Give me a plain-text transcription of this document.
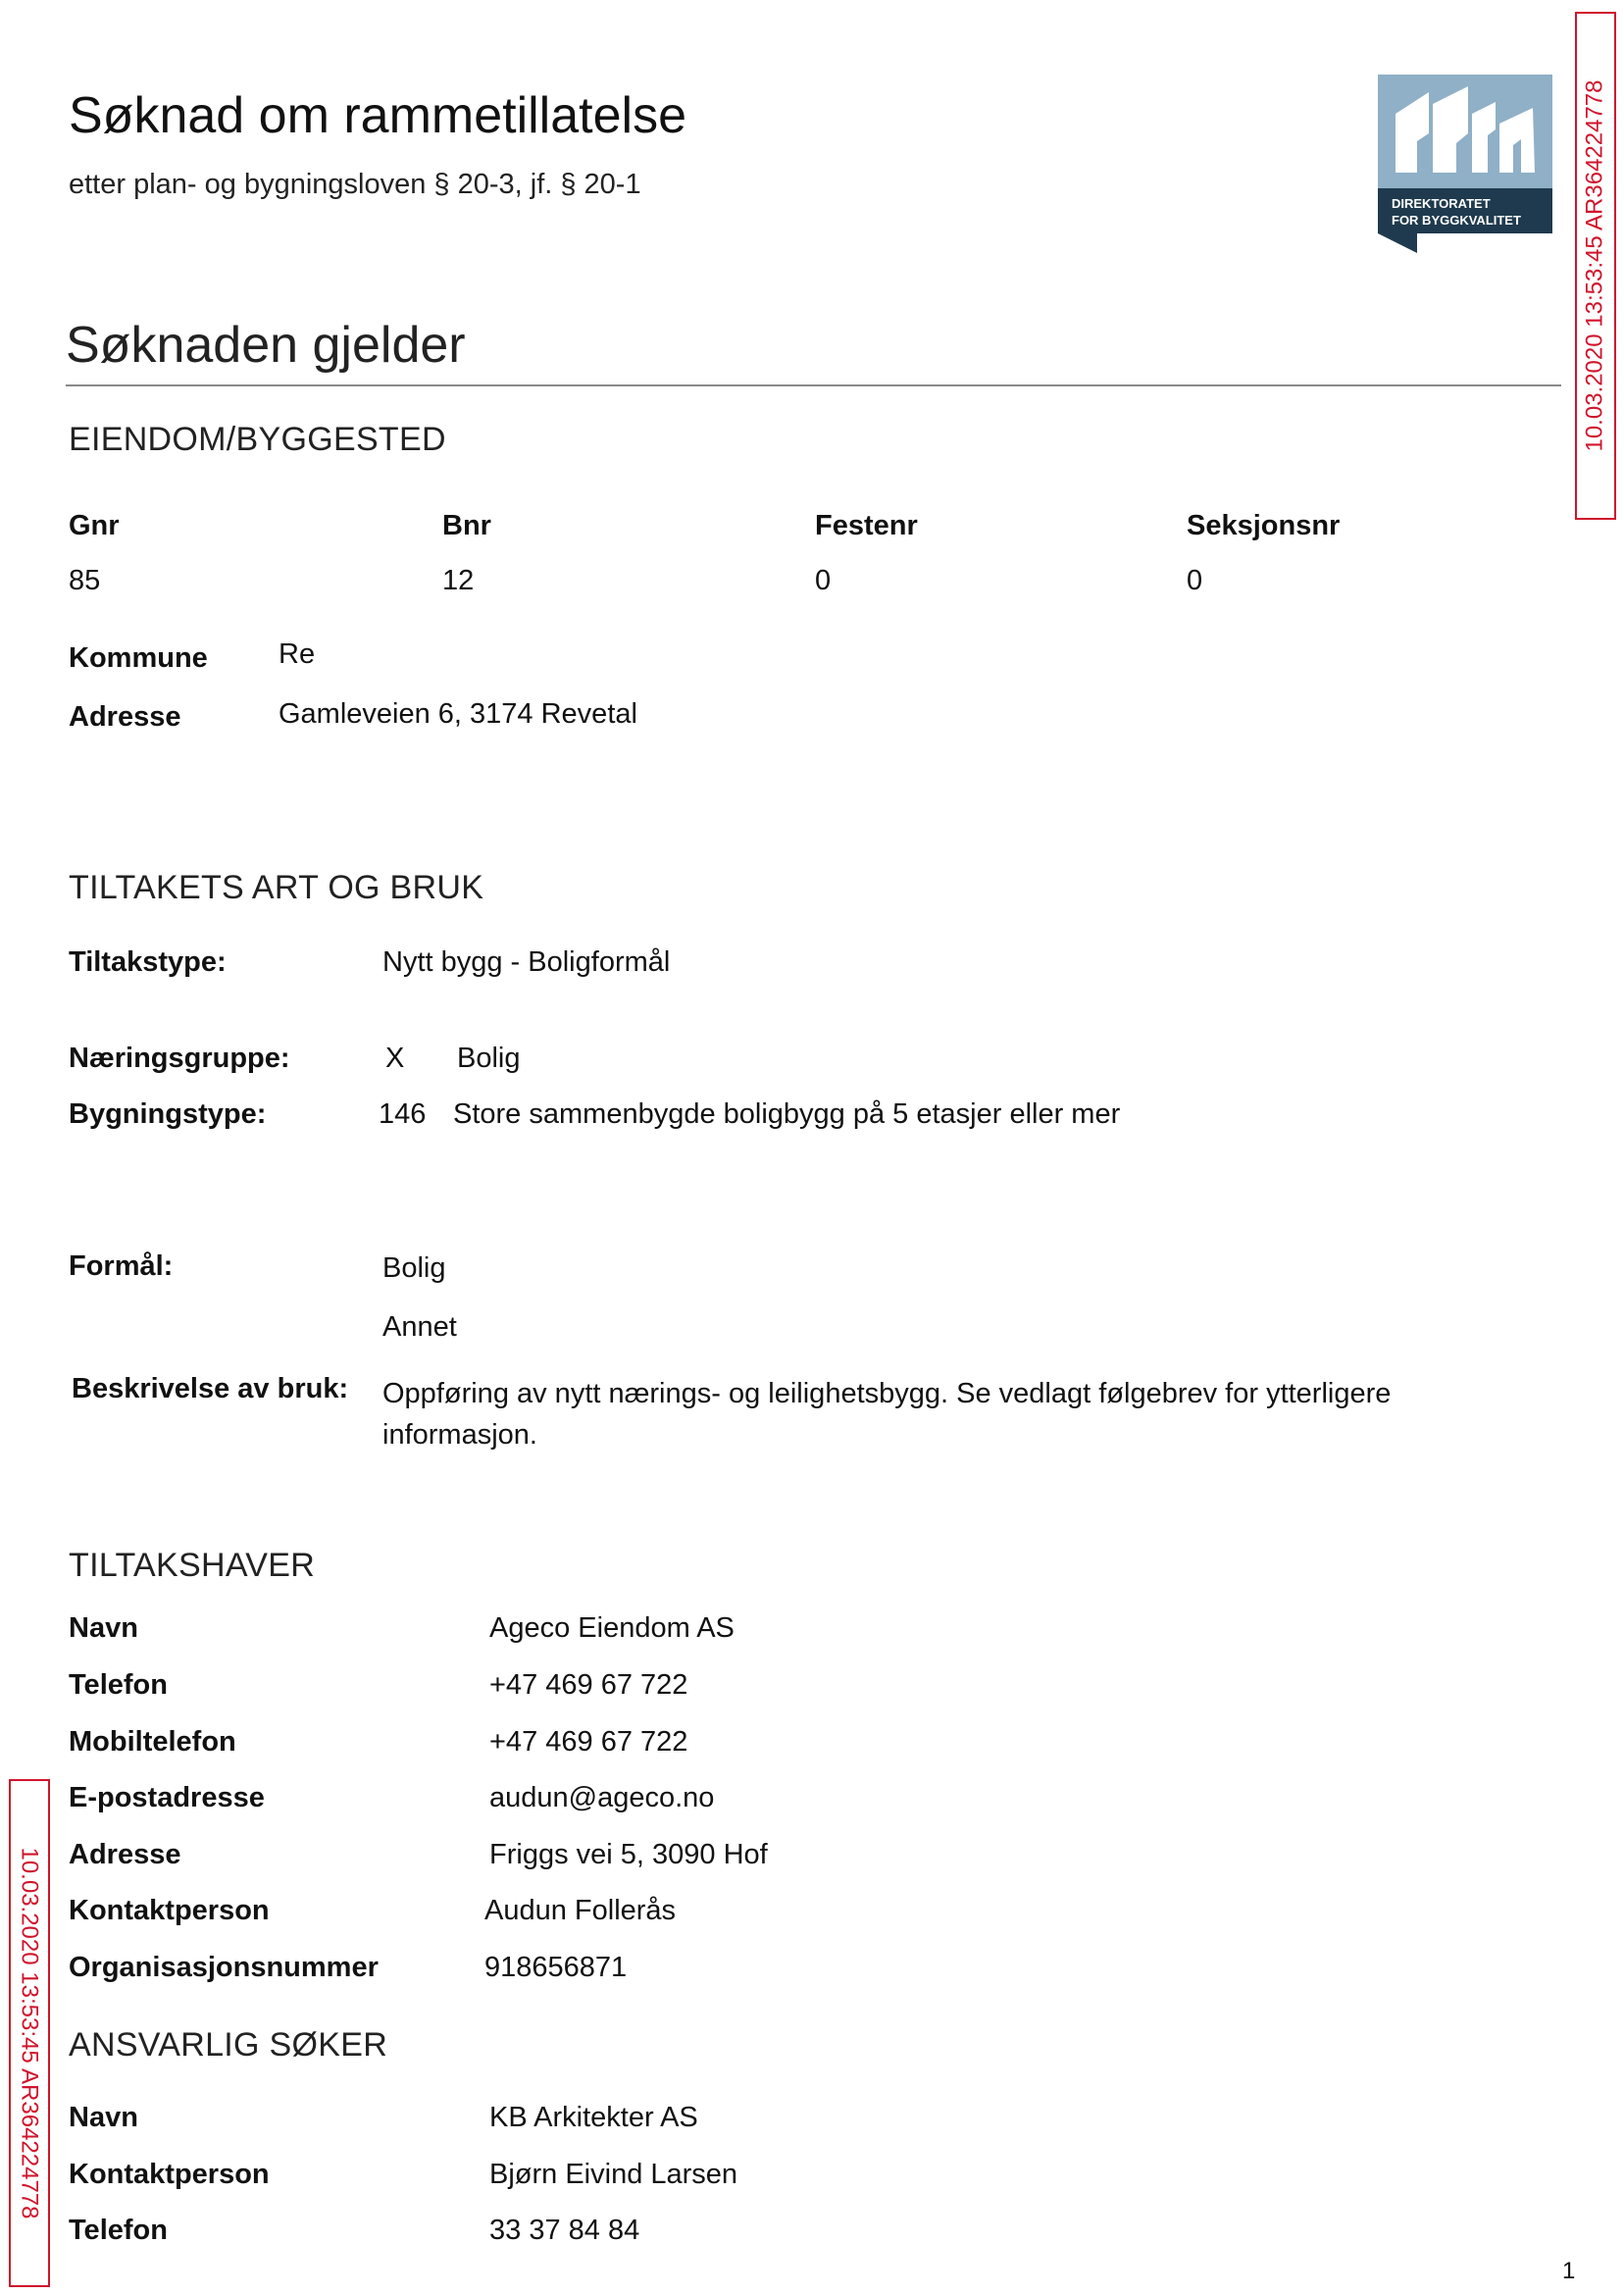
Søknad om rammetillatelse
etter plan- og bygningsloven § 20-3, jf. § 20-1
DIREKTORATET
FOR BYGGKVALITET	10.03.2020 13:53:45 AR364224778
10.03.2020 13:53:45 AR364224778
Søknaden gjelder
EIENDOM/BYGGESTED
Gnr	Bnr	Festenr	Seksjonsnr
85	12	0	0
Kommune Re
Adresse	Gamleveien 6, 3174 Revetal
TILTAKETS ART OG BRUK
Tiltakstype:	Nytt bygg - Boligformål
Næringsgruppe:	X Bolig
Bygningstype:	146 Store sammenbygde boligbygg på 5 etasjer eller mer
Formål:	Bolig
Annet
Beskrivelse av bruk: Oppføring av nytt nærings- og leilighetsbygg. Se vedlagt følgebrev for ytterligere informasjon.
TILTAKSHAVER
Navn	Ageco Eiendom AS
Telefon	+47 469 67 722
Mobiltelefon	+47 469 67 722
E-postadresse	audun@ageco.no
Adresse	Friggs vei 5, 3090 Hof
Kontaktperson	Audun Follerås
Organisasjonsnummer	918656871
ANSVARLIG SØKER
Navn	KB Arkitekter AS
Kontaktperson	Bjørn Eivind Larsen
Telefon	33 37 84 84
1
